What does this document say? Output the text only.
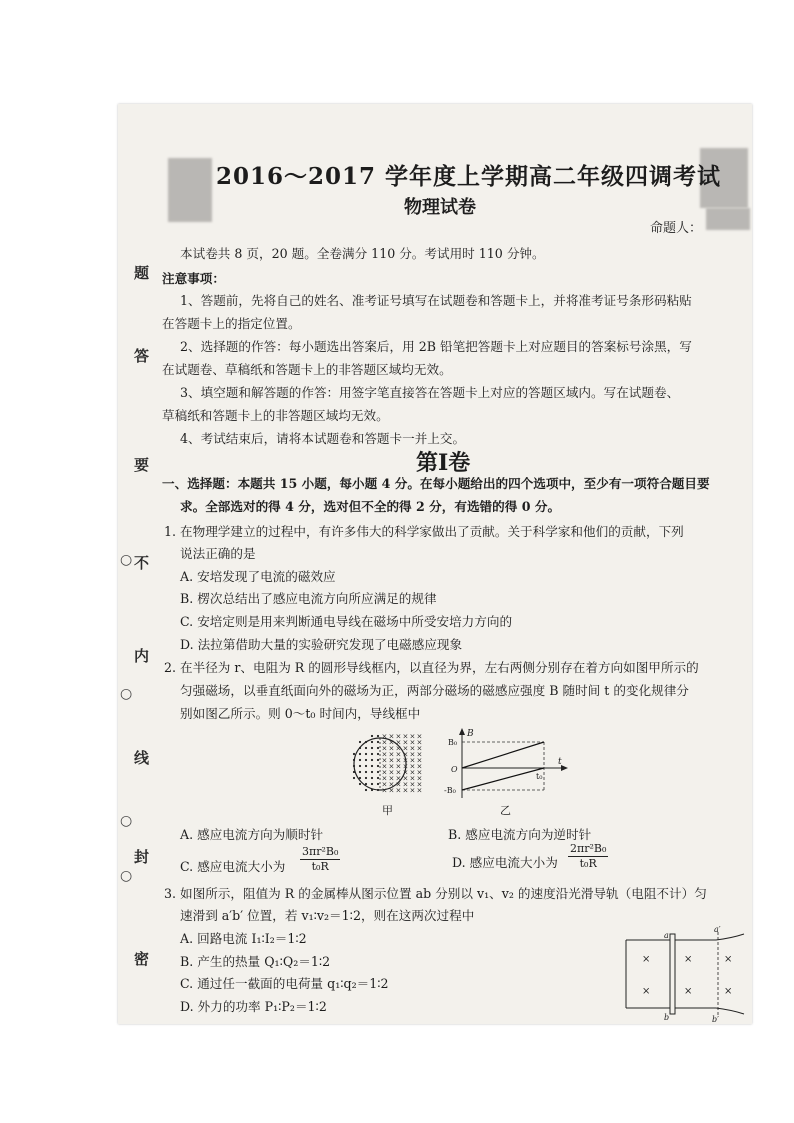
2016～2017 学年度上学期高二年级四调考试
物理试卷
命题人：
题
答
要
不
内
线
封
密
○
○
○
○
本试卷共 8 页，20 题。全卷满分 110 分。考试用时 110 分钟。
注意事项：
1、答题前，先将自己的姓名、准考证号填写在试题卷和答题卡上，并将准考证号条形码粘贴
在答题卡上的指定位置。
2、选择题的作答：每小题选出答案后，用 2B 铅笔把答题卡上对应题目的答案标号涂黑，写
在试题卷、草稿纸和答题卡上的非答题区域均无效。
3、填空题和解答题的作答：用签字笔直接答在答题卡上对应的答题区域内。写在试题卷、
草稿纸和答题卡上的非答题区域均无效。
4、考试结束后，请将本试题卷和答题卡一并上交。
第Ⅰ卷
一、选择题：本题共 15 小题，每小题 4 分。在每小题给出的四个选项中，至少有一项符合题目要
求。全部选对的得 4 分，选对但不全的得 2 分，有选错的得 0 分。
1. 在物理学建立的过程中，有许多伟大的科学家做出了贡献。关于科学家和他们的贡献，下列
说法正确的是
A. 安培发现了电流的磁效应
B. 楞次总结出了感应电流方向所应满足的规律
C. 安培定则是用来判断通电导线在磁场中所受安培力方向的
D. 法拉第借助大量的实验研究发现了电磁感应现象
2. 在半径为 r、电阻为 R 的圆形导线框内，以直径为界，左右两侧分别存在着方向如图甲所示的
匀强磁场，以垂直纸面向外的磁场为正，两部分磁场的磁感应强度 B 随时间 t 的变化规律分
别如图乙所示。则 0～t₀ 时间内，导线框中
× × × × × ×
× × × × × ×
× × × × × ×
× × × × × ×
× × × × × ×
× × × × × ×
× × × × × ×
× × × × × ×
× × × × × ×
× × × × × ×
甲
B
B₀
O
-B₀
t₀
t
乙
A. 感应电流方向为顺时针	B. 感应电流方向为逆时针
C. 感应电流大小为 $\frac{\text{3πr²B₀}}{\text{t₀R}}$	D. 感应电流大小为 $\frac{\text{2πr²B₀}}{\text{t₀R}}$
3. 如图所示，阻值为 R 的金属棒从图示位置 ab 分别以 v₁、v₂ 的速度沿光滑导轨（电阻不计）匀
速滑到 a′b′ 位置，若 v₁∶v₂＝1∶2，则在这两次过程中
A. 回路电流 I₁∶I₂＝1∶2
B. 产生的热量 Q₁∶Q₂＝1∶2
C. 通过任一截面的电荷量 q₁∶q₂＝1∶2
D. 外力的功率 P₁∶P₂＝1∶2
a
b
a′
b′
×
×
×
×
×
×
